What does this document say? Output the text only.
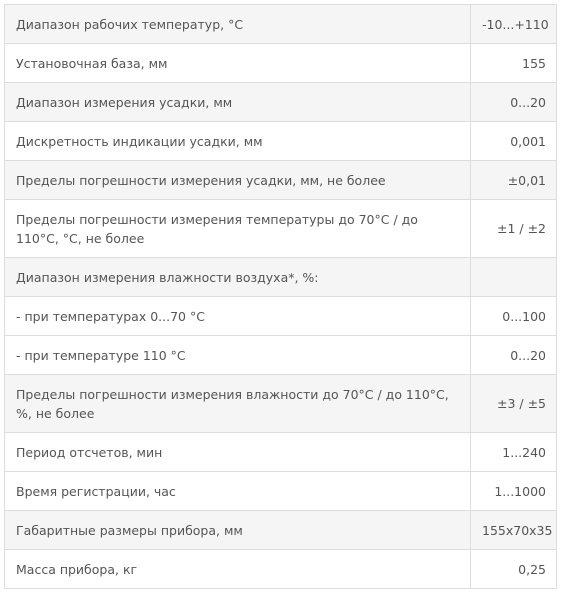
Диапазон рабочих температур, °C	-10...+110
Установочная база, мм	155
Диапазон измерения усадки, мм	0...20
Дискретность индикации усадки, мм	0,001
Пределы погрешности измерения усадки, мм, не более	±0,01
Пределы погрешности измерения температуры до 70°С / до 110°С, °С, не более	±1 / ±2
Диапазон измерения влажности воздуха*, %:	
- при температурах 0...70 °С	0...100
- при температуре 110 °С	0...20
Пределы погрешности измерения влажности до 70°С / до 110°С, %, не более	±3 / ±5
Период отсчетов, мин	1...240
Время регистрации, час	1...1000
Габаритные размеры прибора, мм	155х70х35
Масса прибора, кг	0,25
